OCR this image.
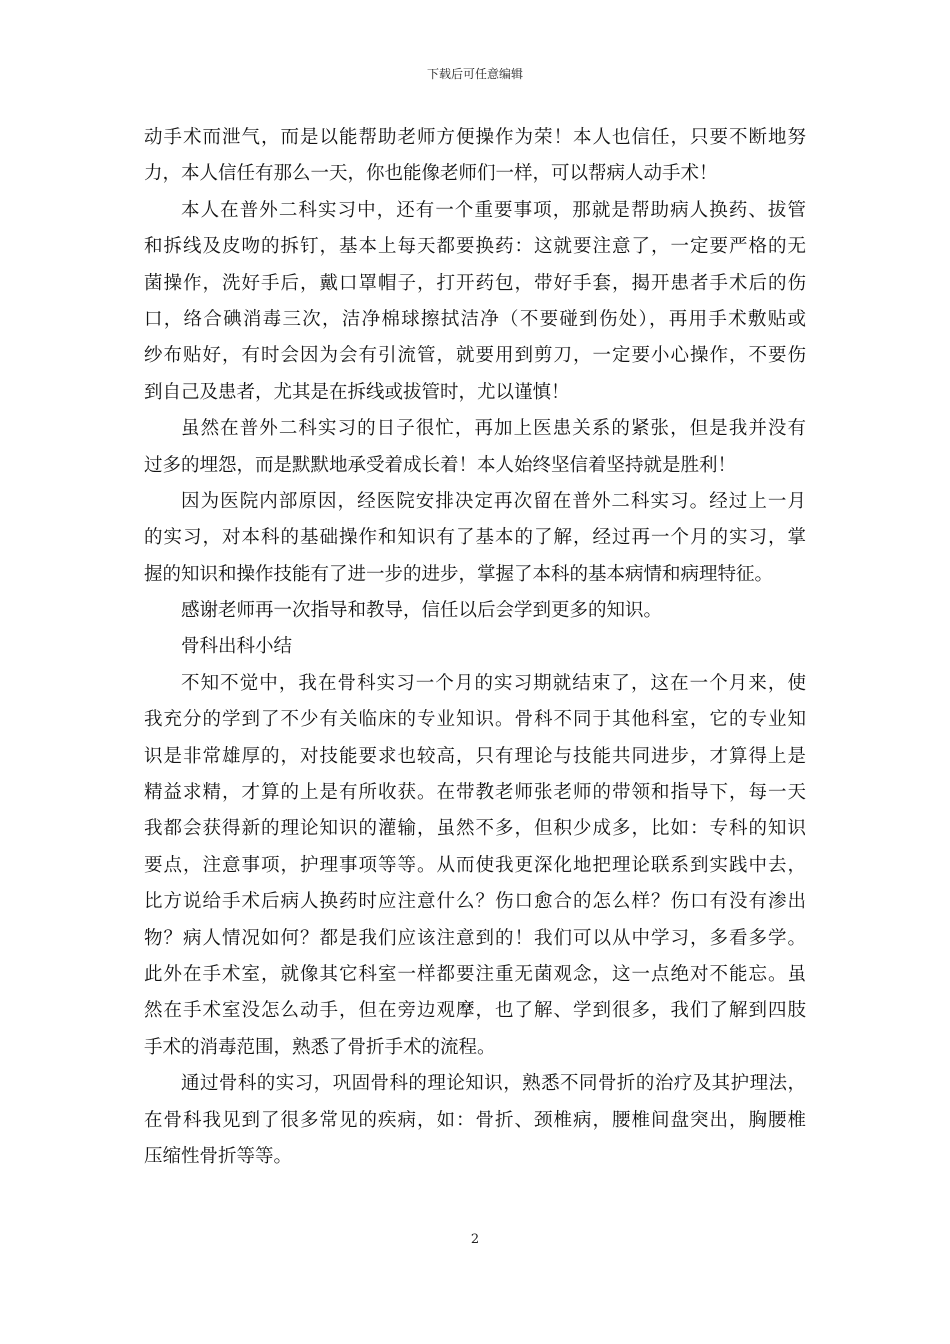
下载后可任意编辑
动手术而泄气，而是以能帮助老师方便操作为荣！本人也信任，只要不断地努
力，本人信任有那么一天，你也能像老师们一样，可以帮病人动手术！
本人在普外二科实习中，还有一个重要事项，那就是帮助病人换药、拔管
和拆线及皮吻的拆钉，基本上每天都要换药：这就要注意了，一定要严格的无
菌操作，洗好手后，戴口罩帽子，打开药包，带好手套，揭开患者手术后的伤
口，络合碘消毒三次，洁净棉球擦拭洁净（不要碰到伤处），再用手术敷贴或
纱布贴好，有时会因为会有引流管，就要用到剪刀，一定要小心操作，不要伤
到自己及患者，尤其是在拆线或拔管时，尤以谨慎！
虽然在普外二科实习的日子很忙，再加上医患关系的紧张，但是我并没有
过多的埋怨，而是默默地承受着成长着！本人始终坚信着坚持就是胜利！
因为医院内部原因，经医院安排决定再次留在普外二科实习。经过上一月
的实习，对本科的基础操作和知识有了基本的了解，经过再一个月的实习，掌
握的知识和操作技能有了进一步的进步，掌握了本科的基本病情和病理特征。
感谢老师再一次指导和教导，信任以后会学到更多的知识。
骨科出科小结
不知不觉中，我在骨科实习一个月的实习期就结束了，这在一个月来，使
我充分的学到了不少有关临床的专业知识。骨科不同于其他科室，它的专业知
识是非常雄厚的，对技能要求也较高，只有理论与技能共同进步，才算得上是
精益求精，才算的上是有所收获。在带教老师张老师的带领和指导下，每一天
我都会获得新的理论知识的灌输，虽然不多，但积少成多，比如：专科的知识
要点，注意事项，护理事项等等。从而使我更深化地把理论联系到实践中去，
比方说给手术后病人换药时应注意什么？伤口愈合的怎么样？伤口有没有渗出
物？病人情况如何？都是我们应该注意到的！我们可以从中学习，多看多学。
此外在手术室，就像其它科室一样都要注重无菌观念，这一点绝对不能忘。虽
然在手术室没怎么动手，但在旁边观摩，也了解、学到很多，我们了解到四肢
手术的消毒范围，熟悉了骨折手术的流程。
通过骨科的实习，巩固骨科的理论知识，熟悉不同骨折的治疗及其护理法，
在骨科我见到了很多常见的疾病，如：骨折、颈椎病，腰椎间盘突出，胸腰椎
压缩性骨折等等。
2
